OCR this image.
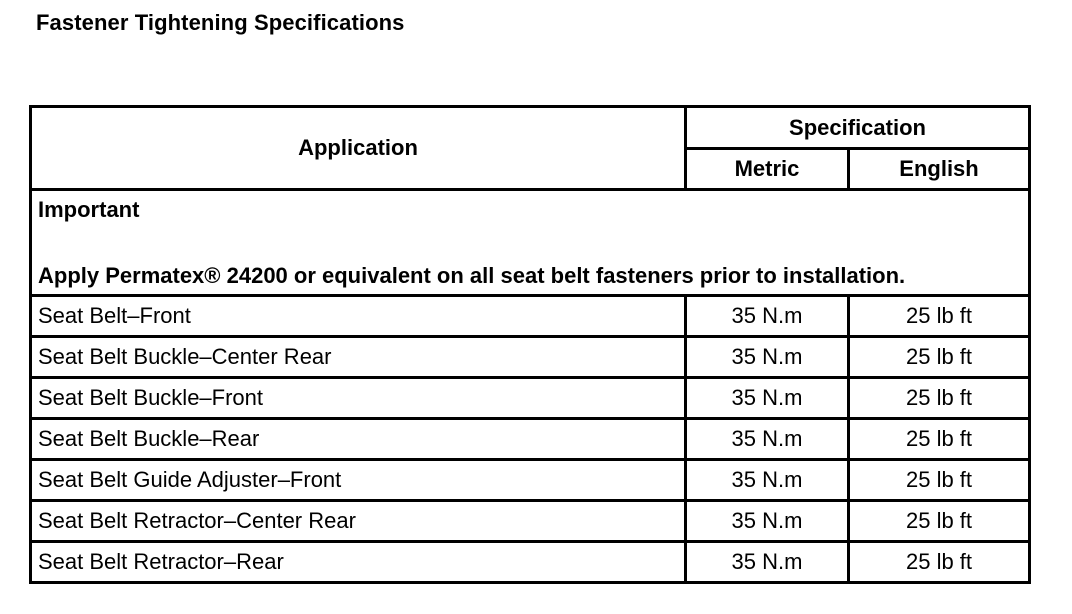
Fastener Tightening Specifications
Application	Specification	
	Metric	English

Important
Apply Permatex® 24200 or equivalent on all seat belt fasteners prior to installation.		

Seat Belt–Front	35 N.m	25 lb ft
Seat Belt Buckle–Center Rear	35 N.m	25 lb ft
Seat Belt Buckle–Front	35 N.m	25 lb ft
Seat Belt Buckle–Rear	35 N.m	25 lb ft
Seat Belt Guide Adjuster–Front	35 N.m	25 lb ft
Seat Belt Retractor–Center Rear	35 N.m	25 lb ft
Seat Belt Retractor–Rear	35 N.m	25 lb ft
